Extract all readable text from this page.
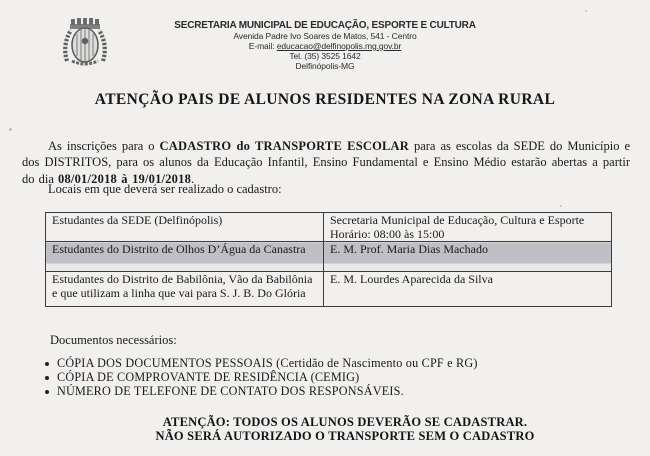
SECRETARIA MUNICIPAL DE EDUCAÇÃO, ESPORTE E CULTURA
Avenida Padre Ivo Soares de Matos, 541 - Centro
E-mail: educacao@delfinopolis.mg.gov.br
Tel. (35) 3525 1642
Delfinópolis-MG
ATENÇÃO PAIS DE ALUNOS RESIDENTES NA ZONA RURAL

As inscrições para o CADASTRO do TRANSPORTE ESCOLAR para as escolas da SEDE do Município e dos DISTRITOS, para os alunos da Educação Infantil, Ensino Fundamental e Ensino Médio estarão abertas a partir do dia 08/01/2018 à 19/01/2018.

Locais em que deverá ser realizado o cadastro:
Estudantes da SEDE (Delfinópolis)	Secretaria Municipal de Educação, Cultura e Esporte
Horário: 08:00 às 15:00

Estudantes do Distrito de Olhos D’Água da Canastra	E. M. Prof. Maria Dias Machado
Estudantes do Distrito de Babilônia, Vão da Babilônia e que utilizam a linha que vai para S. J. B. Do Glória	E. M. Lourdes Aparecida da Silva
Documentos necessários:
CÓPIA DOS DOCUMENTOS PESSOAIS (Certidão de Nascimento ou CPF e RG)
CÓPIA DE COMPROVANTE DE RESIDÊNCIA (CEMIG)
NÚMERO DE TELEFONE DE CONTATO DOS RESPONSÁVEIS.
ATENÇÃO: TODOS OS ALUNOS DEVERÃO SE CADASTRAR.
NÃO SERÁ AUTORIZADO O TRANSPORTE SEM O CADASTRO
